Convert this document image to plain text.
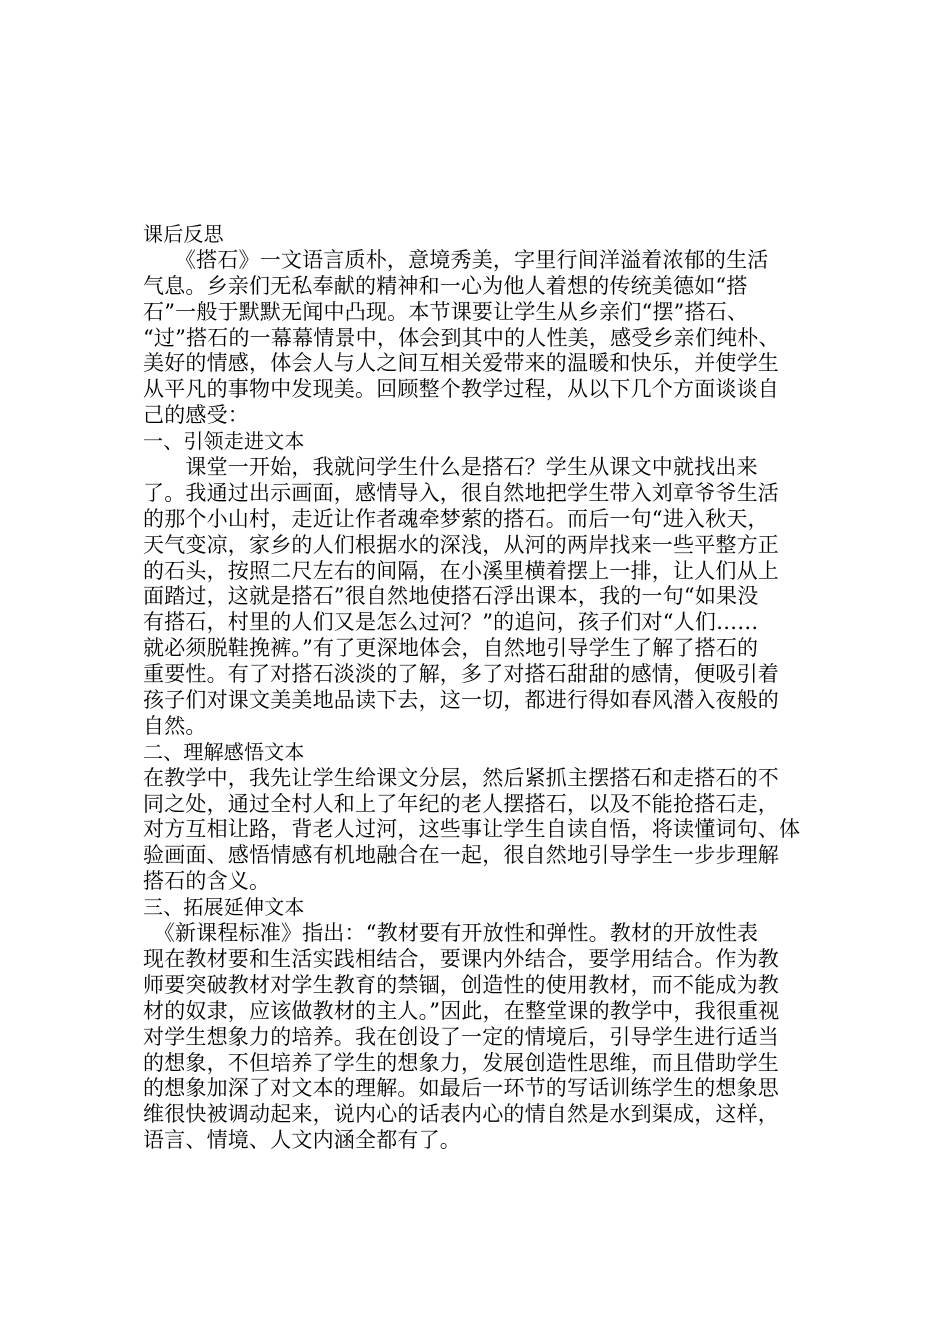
课后反思
　　《搭石》一文语言质朴，意境秀美，字里行间洋溢着浓郁的生活
气息。乡亲们无私奉献的精神和一心为他人着想的传统美德如“搭
石”一般于默默无闻中凸现。本节课要让学生从乡亲们“摆”搭石、
“过”搭石的一幕幕情景中，体会到其中的人性美，感受乡亲们纯朴、
美好的情感，体会人与人之间互相关爱带来的温暖和快乐，并使学生
从平凡的事物中发现美。回顾整个教学过程，从以下几个方面谈谈自
己的感受：
一、引领走进文本
　　课堂一开始，我就问学生什么是搭石？学生从课文中就找出来
了。我通过出示画面，感情导入，很自然地把学生带入刘章爷爷生活
的那个小山村，走近让作者魂牵梦萦的搭石。而后一句“进入秋天，
天气变凉，家乡的人们根据水的深浅，从河的两岸找来一些平整方正
的石头，按照二尺左右的间隔，在小溪里横着摆上一排，让人们从上
面踏过，这就是搭石”很自然地使搭石浮出课本，我的一句“如果没
有搭石，村里的人们又是怎么过河？”的追问，孩子们对“人们……
就必须脱鞋挽裤。”有了更深地体会，自然地引导学生了解了搭石的
重要性。有了对搭石淡淡的了解，多了对搭石甜甜的感情，便吸引着
孩子们对课文美美地品读下去，这一切，都进行得如春风潜入夜般的
自然。
二、理解感悟文本
在教学中，我先让学生给课文分层，然后紧抓主摆搭石和走搭石的不
同之处，通过全村人和上了年纪的老人摆搭石，以及不能抢搭石走，
对方互相让路，背老人过河，这些事让学生自读自悟，将读懂词句、体
验画面、感悟情感有机地融合在一起，很自然地引导学生一步步理解
搭石的含义。
三、拓展延伸文本
　《新课程标准》指出：“教材要有开放性和弹性。教材的开放性表
现在教材要和生活实践相结合，要课内外结合，要学用结合。作为教
师要突破教材对学生教育的禁锢，创造性的使用教材，而不能成为教
材的奴隶，应该做教材的主人。”因此，在整堂课的教学中，我很重视
对学生想象力的培养。我在创设了一定的情境后，引导学生进行适当
的想象，不但培养了学生的想象力，发展创造性思维，而且借助学生
的想象加深了对文本的理解。如最后一环节的写话训练学生的想象思
维很快被调动起来，说内心的话表内心的情自然是水到渠成，这样，
语言、情境、人文内涵全都有了。
